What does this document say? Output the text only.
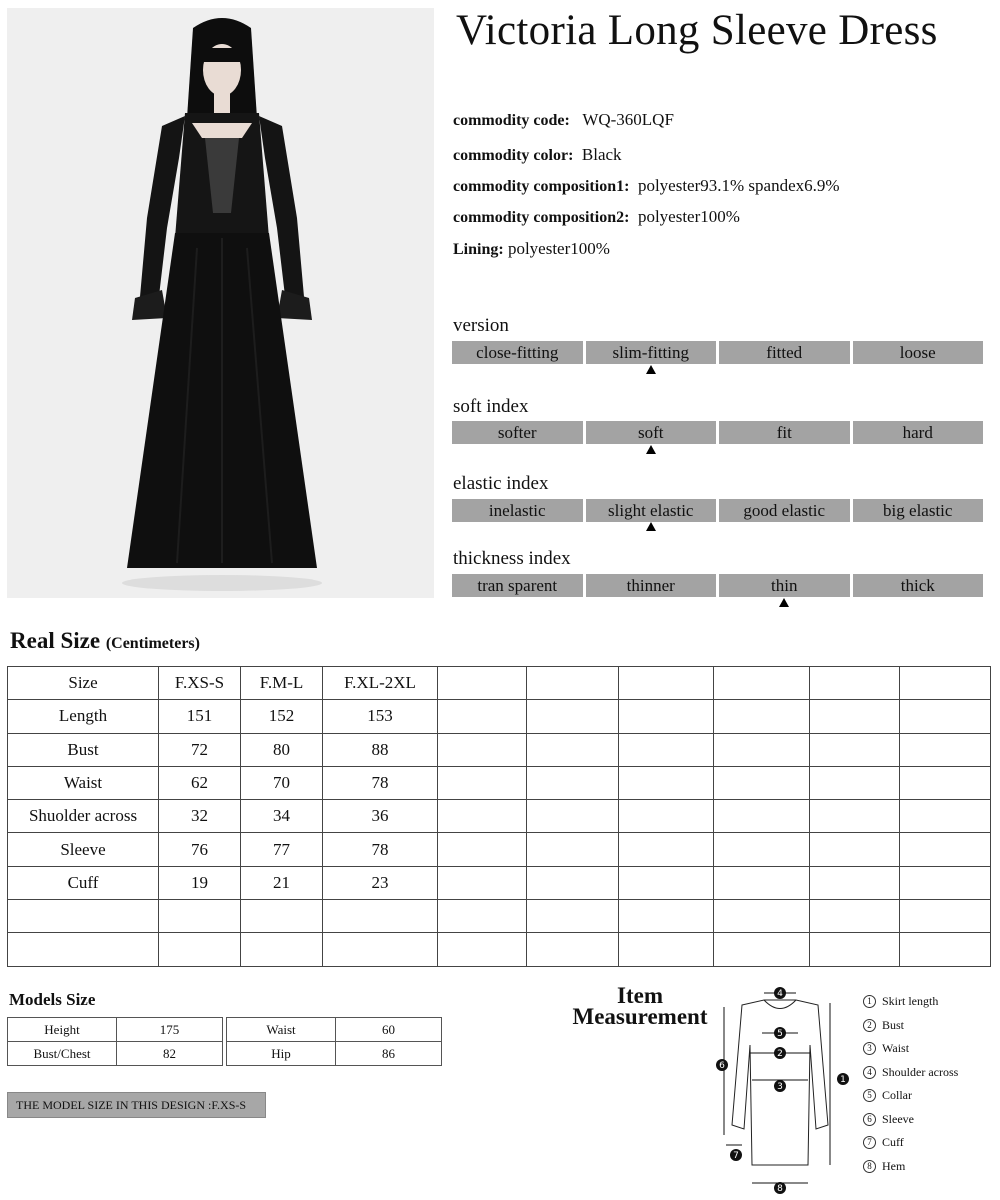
Victoria Long Sleeve Dress
commodity code: WQ-360LQF
commodity color: Black
commodity composition1: polyester93.1% spandex6.9%
commodity composition2: polyester100%
Lining: polyester100%
version
close-fitting	slim-fitting	fitted	loose
soft index
softer	soft	fit	hard
elastic index
inelastic	slight elastic	good elastic	big elastic
thickness index
tran sparent	thinner	thin	thick
Real Size (Centimeters)
Size	F.XS-S	F.M-L	F.XL-2XL						
Length	151	152	153						
Bust	72	80	88						
Waist	62	70	78						
Shuolder across	32	34	36						
Sleeve	76	77	78						
Cuff	19	21	23						

Models Size
Height	175
Bust/Chest	82
Waist	60
Hip	86
THE MODEL SIZE IN THIS DESIGN :F.XS-S
Item
Measurement
4
5
2
3
1
6
7
8
1 Skirt length
2 Bust
3 Waist
4 Shoulder across
5 Collar
6 Sleeve
7 Cuff
8 Hem
